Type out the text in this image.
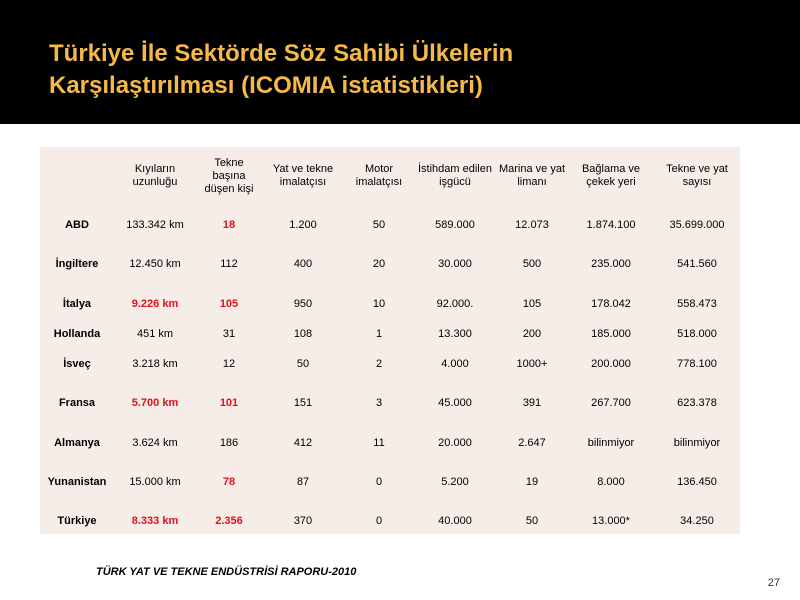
Türkiye İle Sektörde Söz Sahibi Ülkelerin
Karşılaştırılması (ICOMIA istatistikleri)
	Kıyıların uzunluğu	Tekne başına düşen kişi	Yat ve tekne imalatçısı	Motor imalatçısı	İstihdam edilen işgücü	Marina ve yat limanı	Bağlama ve çekek yeri	Tekne ve yat sayısı
ABD	133.342 km	18	1.200	50	589.000	12.073	1.874.100	35.699.000
İngiltere	12.450 km	112	400	20	30.000	500	235.000	541.560
İtalya	9.226 km	105	950	10	92.000.	105	178.042	558.473
Hollanda	451 km	31	108	1	13.300	200	185.000	518.000
İsveç	3.218 km	12	50	2	4.000	1000+	200.000	778.100
Fransa	5.700 km	101	151	3	45.000	391	267.700	623.378
Almanya	3.624 km	186	412	11	20.000	2.647	bilinmiyor	bilinmiyor
Yunanistan	15.000 km	78	87	0	5.200	19	8.000	136.450
Türkiye	8.333 km	2.356	370	0	40.000	50	13.000*	34.250
TÜRK YAT VE TEKNE ENDÜSTRİSİ RAPORU-2010
27
